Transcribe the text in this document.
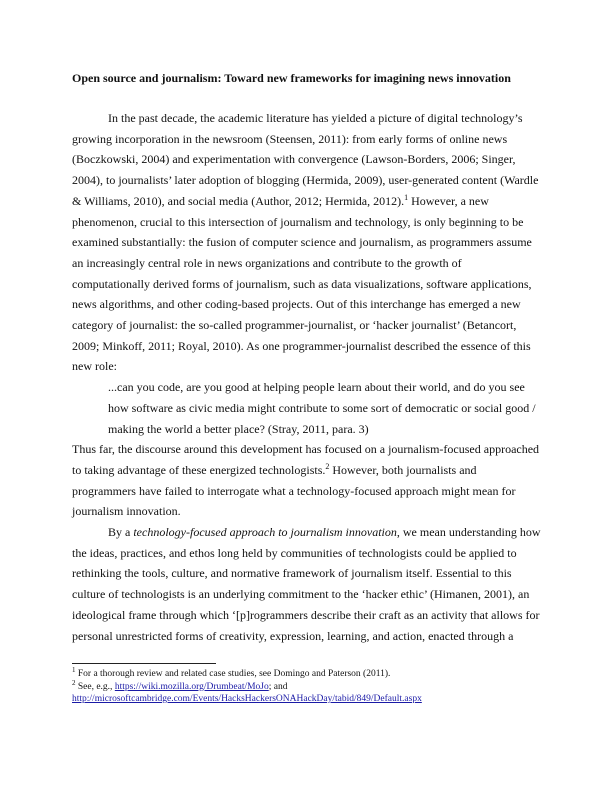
Open source and journalism: Toward new frameworks for imagining news innovation

In the past decade, the academic literature has yielded a picture of digital technology’s growing incorporation in the newsroom (Steensen, 2011): from early forms of online news (Boczkowski, 2004) and experimentation with convergence (Lawson-Borders, 2006; Singer, 2004), to journalists’ later adoption of blogging (Hermida, 2009), user-generated content (Wardle & Williams, 2010), and social media (Author, 2012; Hermida, 2012).$^1$ However, a new phenomenon, crucial to this intersection of journalism and technology, is only beginning to be examined substantially: the fusion of computer science and journalism, as programmers assume an increasingly central role in news organizations and contribute to the growth of computationally derived forms of journalism, such as data visualizations, software applications, news algorithms, and other coding-based projects. Out of this interchange has emerged a new category of journalist: the so-called programmer-journalist, or ‘hacker journalist’ (Betancort, 2009; Minkoff, 2011; Royal, 2010). As one programmer-journalist described the essence of this new role:

...can you code, are you good at helping people learn about their world, and do you see how software as civic media might contribute to some sort of democratic or social good / making the world a better place? (Stray, 2011, para. 3)

Thus far, the discourse around this development has focused on a journalism-focused approached to taking advantage of these energized technologists.$^2$ However, both journalists and programmers have failed to interrogate what a technology-focused approach might mean for journalism innovation.

By a technology-focused approach to journalism innovation, we mean understanding how the ideas, practices, and ethos long held by communities of technologists could be applied to rethinking the tools, culture, and normative framework of journalism itself. Essential to this culture of technologists is an underlying commitment to the ‘hacker ethic’ (Himanen, 2001), an ideological frame through which ‘[p]rogrammers describe their craft as an activity that allows for personal unrestricted forms of creativity, expression, learning, and action, enacted through a

$^1$ For a thorough review and related case studies, see Domingo and Paterson (2011).

$^2$ See, e.g., https://wiki.mozilla.org/Drumbeat/MoJo; and

http://microsoftcambridge.com/Events/HacksHackersONAHackDay/tabid/849/Default.aspx
